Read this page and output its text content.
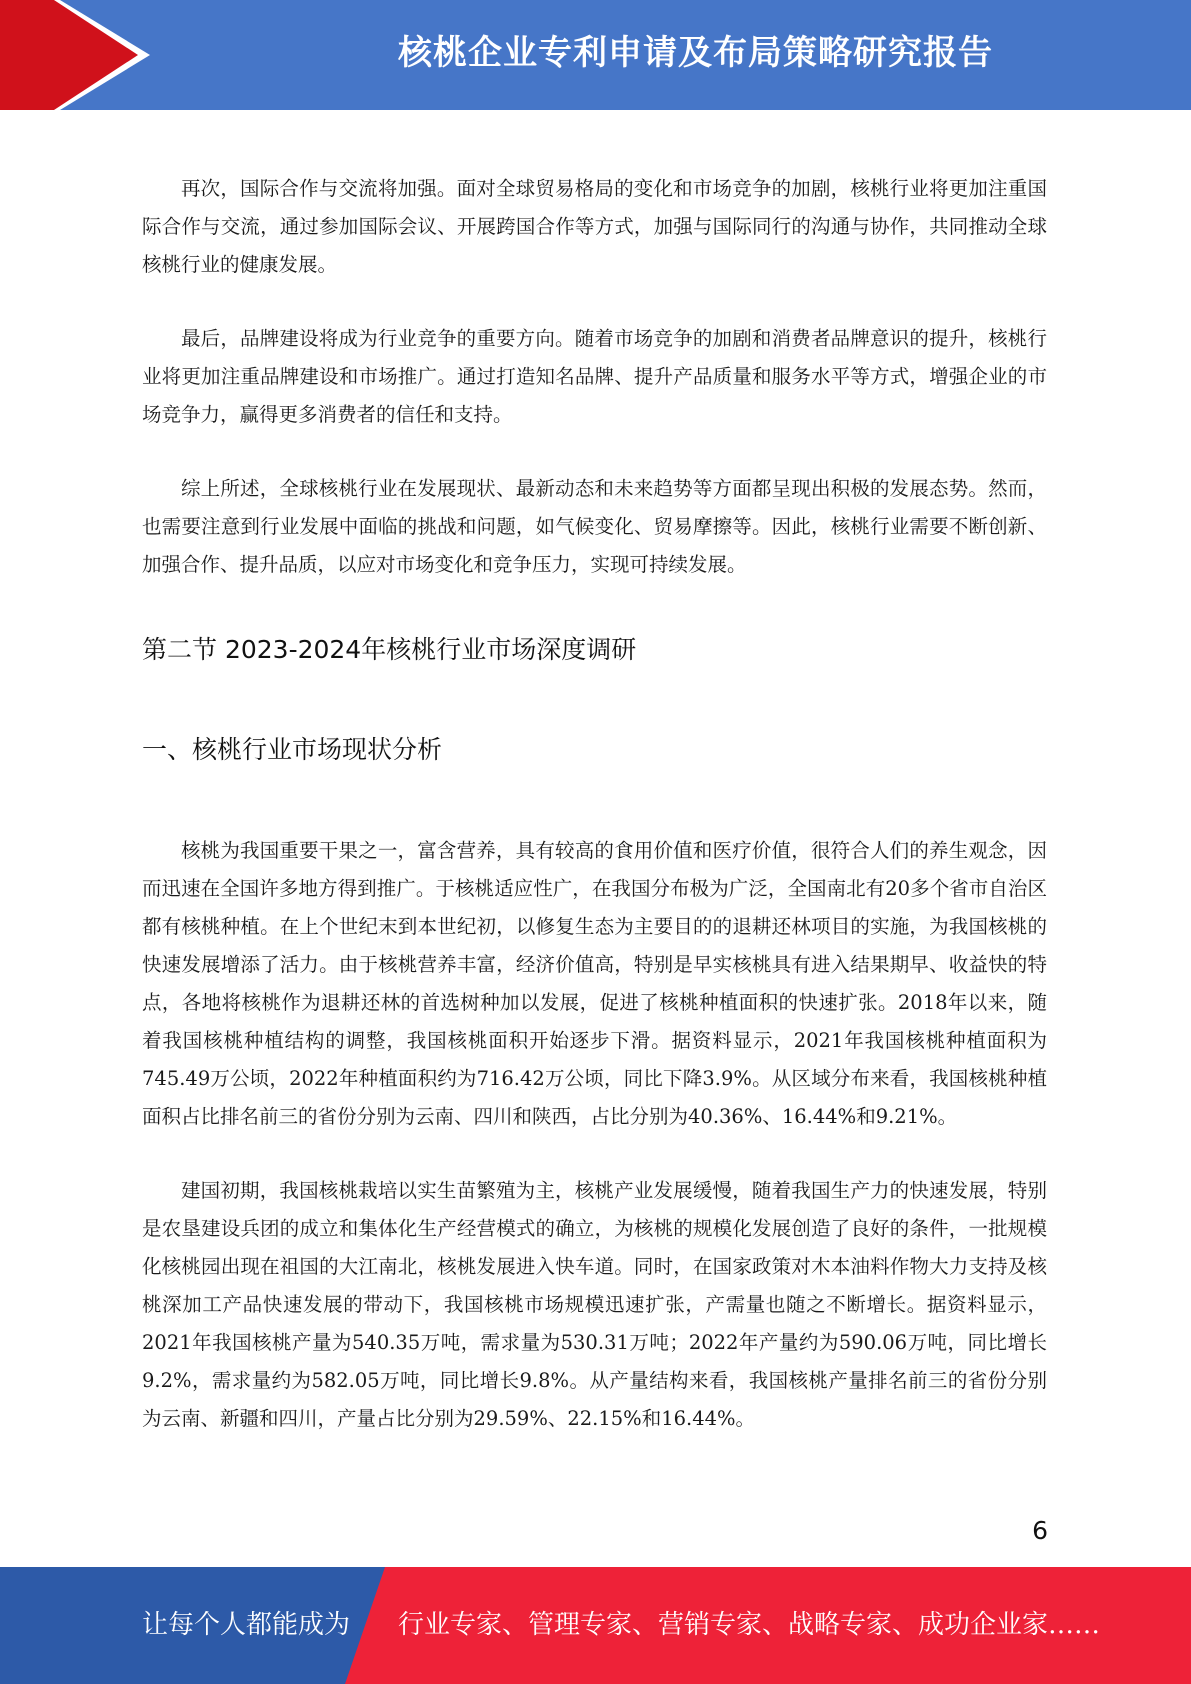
核桃企业专利申请及布局策略研究报告

再次，国际合作与交流将加强。面对全球贸易格局的变化和市场竞争的加剧，核桃行业将更加注重国际合作与交流，通过参加国际会议、开展跨国合作等方式，加强与国际同行的沟通与协作，共同推动全球核桃行业的健康发展。

最后，品牌建设将成为行业竞争的重要方向。随着市场竞争的加剧和消费者品牌意识的提升，核桃行业将更加注重品牌建设和市场推广。通过打造知名品牌、提升产品质量和服务水平等方式，增强企业的市场竞争力，赢得更多消费者的信任和支持。

综上所述，全球核桃行业在发展现状、最新动态和未来趋势等方面都呈现出积极的发展态势。然而，也需要注意到行业发展中面临的挑战和问题，如气候变化、贸易摩擦等。因此，核桃行业需要不断创新、加强合作、提升品质，以应对市场变化和竞争压力，实现可持续发展。

第二节 2023-2024年核桃行业市场深度调研
一、核桃行业市场现状分析

核桃为我国重要干果之一，富含营养，具有较高的食用价值和医疗价值，很符合人们的养生观念，因而迅速在全国许多地方得到推广。于核桃适应性广，在我国分布极为广泛，全国南北有20多个省市自治区都有核桃种植。在上个世纪末到本世纪初，以修复生态为主要目的的退耕还林项目的实施，为我国核桃的快速发展增添了活力。由于核桃营养丰富，经济价值高，特别是早实核桃具有进入结果期早、收益快的特点，各地将核桃作为退耕还林的首选树种加以发展，促进了核桃种植面积的快速扩张。2018年以来，随着我国核桃种植结构的调整，我国核桃面积开始逐步下滑。据资料显示，2021年我国核桃种植面积为745.49万公顷，2022年种植面积约为716.42万公顷，同比下降3.9%。从区域分布来看，我国核桃种植面积占比排名前三的省份分别为云南、四川和陕西，占比分别为40.36%、16.44%和9.21%。

建国初期，我国核桃栽培以实生苗繁殖为主，核桃产业发展缓慢，随着我国生产力的快速发展，特别是农垦建设兵团的成立和集体化生产经营模式的确立，为核桃的规模化发展创造了良好的条件，一批规模化核桃园出现在祖国的大江南北，核桃发展进入快车道。同时，在国家政策对木本油料作物大力支持及核桃深加工产品快速发展的带动下，我国核桃市场规模迅速扩张，产需量也随之不断增长。据资料显示，2021年我国核桃产量为540.35万吨，需求量为530.31万吨；2022年产量约为590.06万吨，同比增长9.2%，需求量约为582.05万吨，同比增长9.8%。从产量结构来看，我国核桃产量排名前三的省份分别为云南、新疆和四川，产量占比分别为29.59%、22.15%和16.44%。

6
让每个人都能成为 行业专家、管理专家、营销专家、战略专家、成功企业家……
